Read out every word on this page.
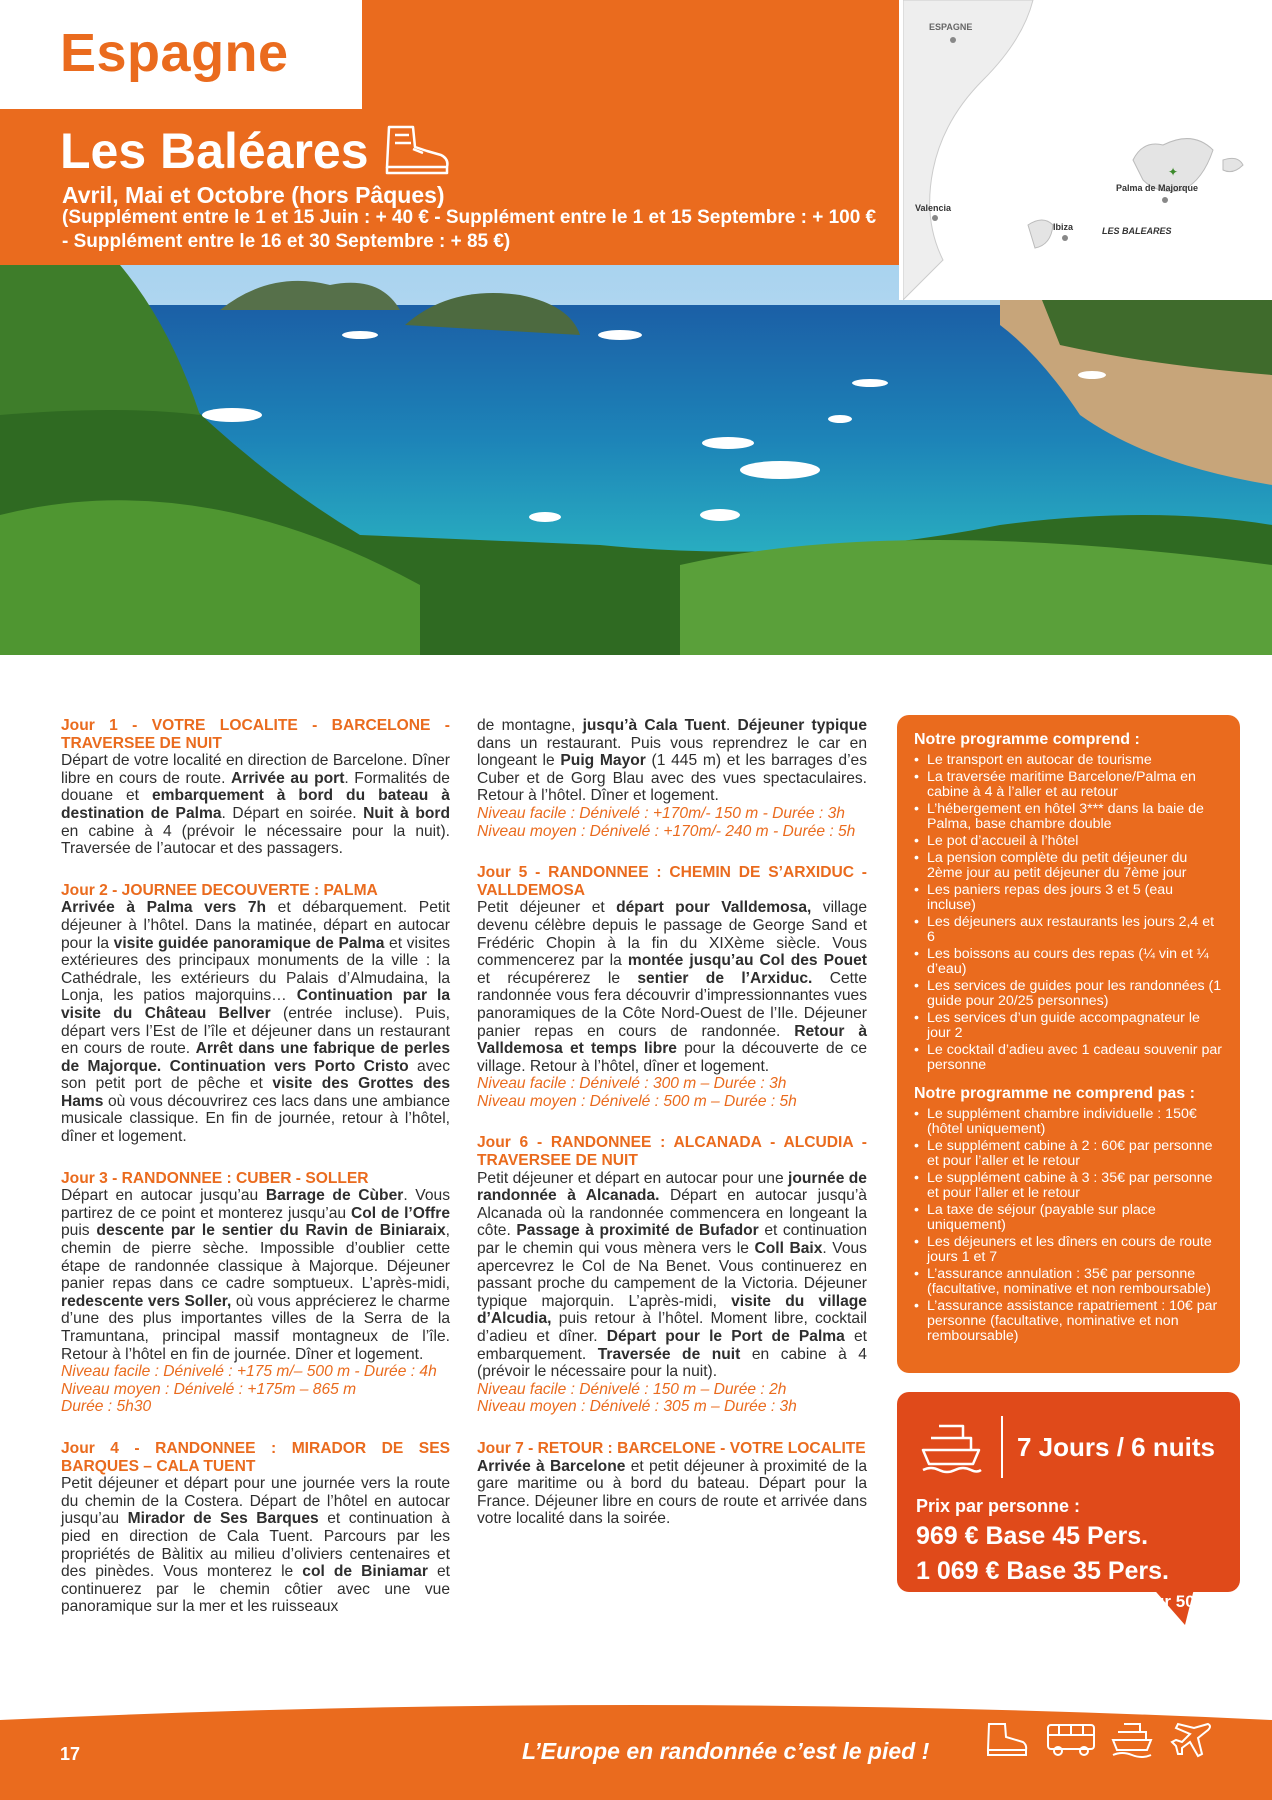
Espagne
Les Baléares
Avril, Mai et Octobre (hors Pâques)
(Supplément entre le 1 et 15 Juin : + 40 € - Supplément entre le 1 et 15 Septembre : + 100 € - Supplément entre le 16 et 30 Septembre : + 85 €)
ESPAGNE
Valencia
Ibiza
Palma de Majorque
LES BALEARES
✦

Jour 1 - VOTRE LOCALITE - BARCELONE - TRAVERSEE DE NUIT

Départ de votre localité en direction de Barcelone. Dîner libre en cours de route. Arrivée au port. Formalités de douane et embarquement à bord du bateau à destination de Palma. Départ en soirée. Nuit à bord en cabine à 4 (prévoir le nécessaire pour la nuit). Traversée de l’autocar et des passagers.

Jour 2 - JOURNEE DECOUVERTE : PALMA

Arrivée à Palma vers 7h et débarquement. Petit déjeuner à l’hôtel. Dans la matinée, départ en autocar pour la visite guidée panoramique de Palma et visites extérieures des principaux monuments de la ville : la Cathédrale, les extérieurs du Palais d’Almudaina, la Lonja, les patios majorquins… Continuation par la visite du Château Bellver (entrée incluse). Puis, départ vers l’Est de l’île et déjeuner dans un restaurant en cours de route. Arrêt dans une fabrique de perles de Majorque. Continuation vers Porto Cristo avec son petit port de pêche et visite des Grottes des Hams où vous découvrirez ces lacs dans une ambiance musicale classique. En fin de journée, retour à l’hôtel, dîner et logement.

Jour 3 - RANDONNEE : CUBER - SOLLER

Départ en autocar jusqu’au Barrage de Cùber. Vous partirez de ce point et monterez jusqu’au Col de l’Offre puis descente par le sentier du Ravin de Biniaraix, chemin de pierre sèche. Impossible d’oublier cette étape de randonnée classique à Majorque. Déjeuner panier repas dans ce cadre somptueux. L’après-midi, redescente vers Soller, où vous apprécierez le charme d’une des plus importantes villes de la Serra de la Tramuntana, principal massif montagneux de l’île. Retour à l’hôtel en fin de journée. Dîner et logement.
Niveau facile : Dénivelé : +175 m/– 500 m - Durée : 4h
Niveau moyen : Dénivelé : +175m – 865 m
Durée : 5h30

Jour 4 - RANDONNEE : MIRADOR DE SES BARQUES – CALA TUENT

Petit déjeuner et départ pour une journée vers la route du chemin de la Costera. Départ de l’hôtel en autocar jusqu’au Mirador de Ses Barques et continuation à pied en direction de Cala Tuent. Parcours par les propriétés de Bàlitix au milieu d’oliviers centenaires et des pinèdes. Vous monterez le col de Biniamar et continuerez par le chemin côtier avec une vue panoramique sur la mer et les ruisseaux

de montagne, jusqu’à Cala Tuent. Déjeuner typique dans un restaurant. Puis vous reprendrez le car en longeant le Puig Mayor (1 445 m) et les barrages d’es Cuber et de Gorg Blau avec des vues spectaculaires. Retour à l’hôtel. Dîner et logement.
Niveau facile : Dénivelé : +170m/- 150 m - Durée : 3h
Niveau moyen : Dénivelé : +170m/- 240 m - Durée : 5h

Jour 5 - RANDONNEE : CHEMIN DE S’ARXIDUC - VALLDEMOSA

Petit déjeuner et départ pour Valldemosa, village devenu célèbre depuis le passage de George Sand et Frédéric Chopin à la fin du XIXème siècle. Vous commencerez par la montée jusqu’au Col des Pouet et récupérerez le sentier de l’Arxiduc. Cette randonnée vous fera découvrir d’impressionnantes vues panoramiques de la Côte Nord-Ouest de l’Ile. Déjeuner panier repas en cours de randonnée. Retour à Valldemosa et temps libre pour la découverte de ce village. Retour à l’hôtel, dîner et logement.
Niveau facile : Dénivelé : 300 m – Durée : 3h
Niveau moyen : Dénivelé : 500 m – Durée : 5h

Jour 6 - RANDONNEE : ALCANADA - ALCUDIA - TRAVERSEE DE NUIT

Petit déjeuner et départ en autocar pour une journée de randonnée à Alcanada. Départ en autocar jusqu’à Alcanada où la randonnée commencera en longeant la côte. Passage à proximité de Bufador et continuation par le chemin qui vous mènera vers le Coll Baix. Vous apercevrez le Col de Na Benet. Vous continuerez en passant proche du campement de la Victoria. Déjeuner typique majorquin. L’après-midi, visite du village d’Alcudia, puis retour à l’hôtel. Moment libre, cocktail d’adieu et dîner. Départ pour le Port de Palma et embarquement. Traversée de nuit en cabine à 4 (prévoir le nécessaire pour la nuit).
Niveau facile : Dénivelé : 150 m – Durée : 2h
Niveau moyen : Dénivelé : 305 m – Durée : 3h

Jour 7 - RETOUR : BARCELONE - VOTRE LOCALITE

Arrivée à Barcelone et petit déjeuner à proximité de la gare maritime ou à bord du bateau. Départ pour la France. Déjeuner libre en cours de route et arrivée dans votre localité dans la soirée.

Notre programme comprend :
• Le transport en autocar de tourisme
• La traversée maritime Barcelone/Palma en cabine à 4 à l’aller et au retour
• L’hébergement en hôtel 3*** dans la baie de Palma, base chambre double
• Le pot d’accueil à l’hôtel
• La pension complète du petit déjeuner du 2ème jour au petit déjeuner du 7ème jour
• Les paniers repas des jours 3 et 5 (eau incluse)
• Les déjeuners aux restaurants les jours 2,4 et 6
• Les boissons au cours des repas (¼ vin et ¼ d’eau)
• Les services de guides pour les randonnées (1 guide pour 20/25 personnes)
• Les services d’un guide accompagnateur le jour 2
• Le cocktail d’adieu avec 1 cadeau souvenir par personne
Notre programme ne comprend pas :
• Le supplément chambre individuelle : 150€ (hôtel uniquement)
• Le supplément cabine à 2 : 60€ par personne et pour l’aller et le retour
• Le supplément cabine à 3 : 35€ par personne et pour l’aller et le retour
• La taxe de séjour (payable sur place uniquement)
• Les déjeuners et les dîners en cours de route jours 1 et 7
• L’assurance annulation : 35€ par personne (facultative, nominative et non remboursable)
• L’assurance assistance rapatriement : 10€ par personne (facultative, nominative et non remboursable)
7 Jours / 6 nuits
Prix par personne :
969 € Base 45 Pers.
1 069 € Base 35 Pers.
1 gratuité pour 35 pers. - 2 pour 50
17	L’Europe en randonnée c’est le pied !
